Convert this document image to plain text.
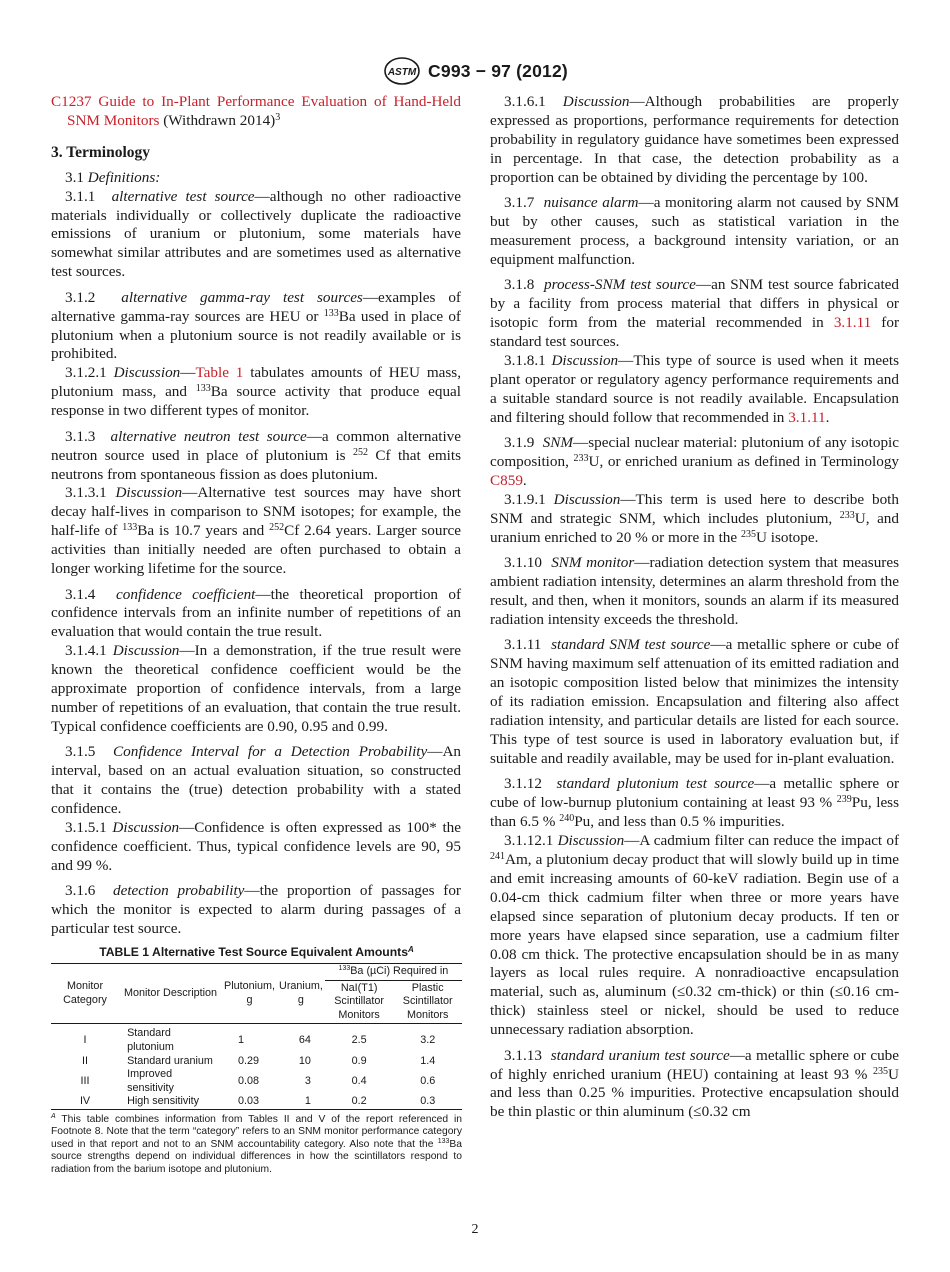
ASTM C993 − 97 (2012)

C1237 Guide to In-Plant Performance Evaluation of Hand-Held SNM Monitors (Withdrawn 2014)$^3$

3. Terminology

3.1 Definitions:

3.1.1 alternative test source—although no other radioactive materials individually or collectively duplicate the radioactive emissions of uranium or plutonium, some materials have somewhat similar attributes and are sometimes used as alternative test sources.

3.1.2 alternative gamma-ray test sources—examples of alternative gamma-ray sources are HEU or $^{133}$Ba used in place of plutonium when a plutonium source is not readily available or is prohibited.

3.1.2.1 Discussion—Table 1 tabulates amounts of HEU mass, plutonium mass, and $^{133}$Ba source activity that produce equal response in two different types of monitor.

3.1.3 alternative neutron test source—a common alternative neutron source used in place of plutonium is $^{252}$ Cf that emits neutrons from spontaneous fission as does plutonium.

3.1.3.1 Discussion—Alternative test sources may have short decay half-lives in comparison to SNM isotopes; for example, the half-life of $^{133}$Ba is 10.7 years and $^{252}$Cf 2.64 years. Larger source activities than initially needed are often purchased to obtain a longer working lifetime for the source.

3.1.4 confidence coefficient—the theoretical proportion of confidence intervals from an infinite number of repetitions of an evaluation that would contain the true result.

3.1.4.1 Discussion—In a demonstration, if the true result were known the theoretical confidence coefficient would be the approximate proportion of confidence intervals, from a large number of repetitions of an evaluation, that contain the true result. Typical confidence coefficients are 0.90, 0.95 and 0.99.

3.1.5 Confidence Interval for a Detection Probability—An interval, based on an actual evaluation situation, so constructed that it contains the (true) detection probability with a stated confidence.

3.1.5.1 Discussion—Confidence is often expressed as 100* the confidence coefficient. Thus, typical confidence levels are 90, 95 and 99 %.

3.1.6 detection probability—the proportion of passages for which the monitor is expected to alarm during passages of a particular test source.

TABLE 1 Alternative Test Source Equivalent Amounts$^A$
Monitor Category	Monitor Description	Plutonium, g	Uranium, g	$^{133}$Ba (µCi) Required in	
				NaI(T1) Scintillator Monitors	Plastic Scintillator Monitors
I	Standard plutonium	1	64	2.5	3.2
II	Standard uranium	0.29	10	0.9	1.4
III	Improved sensitivity	0.08	3	0.4	0.6
IV	High sensitivity	0.03	1	0.2	0.3
$^A$ This table combines information from Tables II and V of the report referenced in Footnote 8. Note that the term “category” refers to an SNM monitor performance category used in that report and not to an SNM accountability category. Also note that the $^{133}$Ba source strengths depend on individual differences in how the scintillators respond to radiation from the barium isotope and plutonium.

3.1.6.1 Discussion—Although probabilities are properly expressed as proportions, performance requirements for detection probability in regulatory guidance have sometimes been expressed in percentage. In that case, the detection probability as a proportion can be obtained by dividing the percentage by 100.

3.1.7 nuisance alarm—a monitoring alarm not caused by SNM but by other causes, such as statistical variation in the measurement process, a background intensity variation, or an equipment malfunction.

3.1.8 process-SNM test source—an SNM test source fabricated by a facility from process material that differs in physical or isotopic form from the material recommended in 3.1.11 for standard test sources.

3.1.8.1 Discussion—This type of source is used when it meets plant operator or regulatory agency performance requirements and a suitable standard source is not readily available. Encapsulation and filtering should follow that recommended in 3.1.11.

3.1.9 SNM—special nuclear material: plutonium of any isotopic composition, $^{233}$U, or enriched uranium as defined in Terminology C859.

3.1.9.1 Discussion—This term is used here to describe both SNM and strategic SNM, which includes plutonium, $^{233}$U, and uranium enriched to 20 % or more in the $^{235}$U isotope.

3.1.10 SNM monitor—radiation detection system that measures ambient radiation intensity, determines an alarm threshold from the result, and then, when it monitors, sounds an alarm if its measured radiation intensity exceeds the threshold.

3.1.11 standard SNM test source—a metallic sphere or cube of SNM having maximum self attenuation of its emitted radiation and an isotopic composition listed below that minimizes the intensity of its radiation emission. Encapsulation and filtering also affect radiation intensity, and particular details are listed for each source. This type of test source is used in laboratory evaluation but, if suitable and readily available, may be used for in-plant evaluation.

3.1.12 standard plutonium test source—a metallic sphere or cube of low-burnup plutonium containing at least 93 % $^{239}$Pu, less than 6.5 % $^{240}$Pu, and less than 0.5 % impurities.

3.1.12.1 Discussion—A cadmium filter can reduce the impact of $^{241}$Am, a plutonium decay product that will slowly build up in time and emit increasing amounts of 60-keV radiation. Begin use of a 0.04-cm thick cadmium filter when three or more years have elapsed since separation of plutonium decay products. If ten or more years have elapsed since separation, use a cadmium filter 0.08 cm thick. The protective encapsulation should be in as many layers as local rules require. A nonradioactive encapsulation material, such as, aluminum (≤0.32 cm-thick) or thin (≤0.16 cm-thick) stainless steel or nickel, should be used to reduce unnecessary radiation absorption.

3.1.13 standard uranium test source—a metallic sphere or cube of highly enriched uranium (HEU) containing at least 93 % $^{235}$U and less than 0.25 % impurities. Protective encapsulation should be thin plastic or thin aluminum (≤0.32 cm

2
